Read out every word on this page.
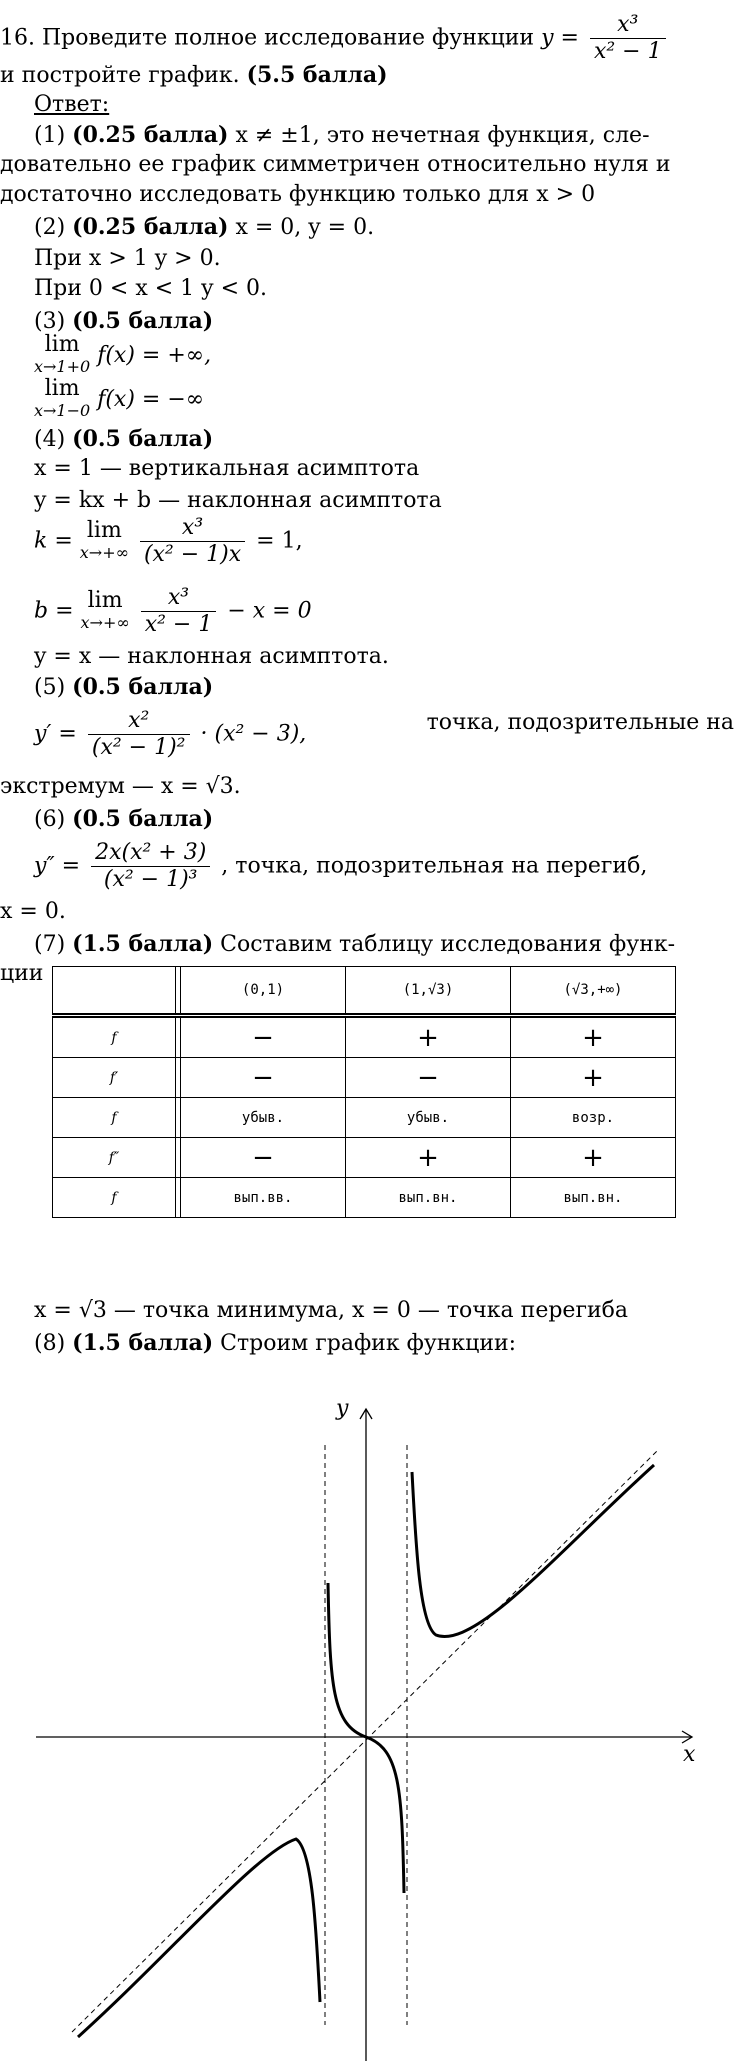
16. Проведите полное исследование функции $y = \frac{\text{x³}}{\text{x² − 1}}$
и постройте график. (5.5 балла)
Ответ:
(1) (0.25 балла) x ≠ ±1, это нечетная функция, сле-
довательно ее график симметричен относительно нуля и
достаточно исследовать функцию только для x > 0
(2) (0.25 балла) x = 0, y = 0.
При x > 1 y > 0.
При 0 < x < 1 y < 0.
(3) (0.5 балла)
lim
x→1+0 f(x) = +∞,
lim
x→1−0 f(x) = −∞
(4) (0.5 балла)
x = 1 — вертикальная асимптота
y = kx + b — наклонная асимптота
k = lim
x→+∞
$\frac{\text{x³}}{\text{(x² − 1)x}} = 1$,
b = lim
x→+∞
$\frac{\text{x³}}{\text{x² − 1}} - x = 0$
y = x — наклонная асимптота.
(5) (0.5 балла)
$y' = \frac{\text{x²}}{\text{(x² − 1)²}} \cdot (x^2 - 3)$,	точка, подозрительные на
экстремум — x = √3.
(6) (0.5 балла)
$y'' = \frac{\text{2x(x² + 3)}}{\text{(x² − 1)³}}$ , точка, подозрительная на перегиб,
x = 0.
(7) (1.5 балла) Составим таблицу исследования функ-
ции
		(0,1)	(1,√3)	(√3,+∞)
f		−	+	+
f′		−	−	+
f		убыв.	убыв.	возр.
f″		−	+	+
f		вып.вв.	вып.вн.	вып.вн.
x = √3 — точка минимума, x = 0 — точка перегиба
(8) (1.5 балла) Строим график функции:
x
y
